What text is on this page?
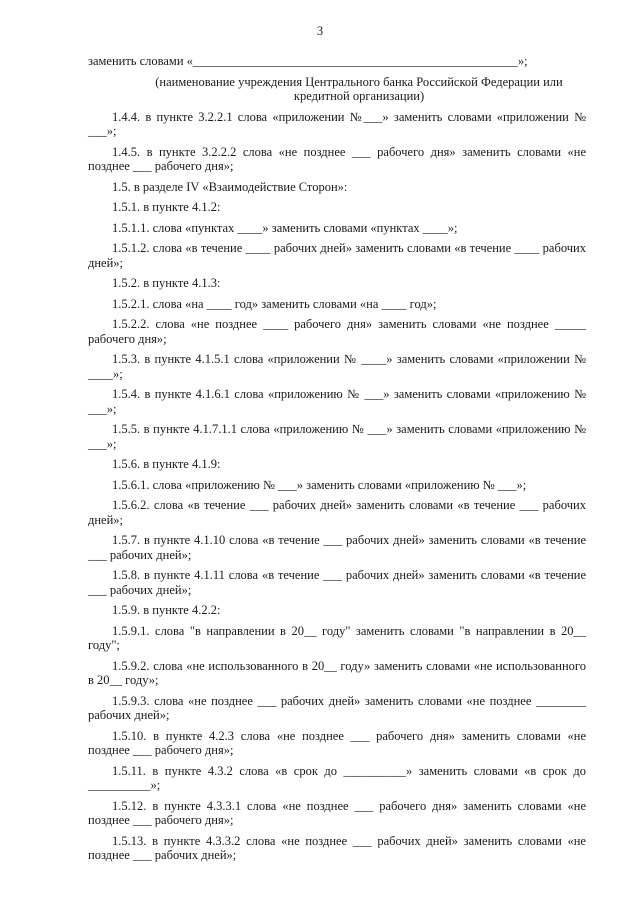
3

заменить словами «____________________________________________________»;

(наименование учреждения Центрального банка Российской Федерации или кредитной организации)

1.4.4. в пункте 3.2.2.1 слова «приложении №___» заменить словами «приложении № ___»;

1.4.5. в пункте 3.2.2.2 слова «не позднее ___ рабочего дня» заменить словами «не позднее ___ рабочего дня»;

1.5. в разделе IV «Взаимодействие Сторон»:

1.5.1. в пункте 4.1.2:

1.5.1.1. слова «пунктах ____» заменить словами «пунктах ____»;

1.5.1.2. слова «в течение ____ рабочих дней» заменить словами «в течение ____ рабочих дней»;

1.5.2. в пункте 4.1.3:

1.5.2.1. слова «на ____ год» заменить словами «на ____ год»;

1.5.2.2. слова «не позднее ____ рабочего дня» заменить словами «не позднее _____ рабочего дня»;

1.5.3. в пункте 4.1.5.1 слова «приложении № ____» заменить словами «приложении № ____»;

1.5.4. в пункте 4.1.6.1 слова «приложению № ___» заменить словами «приложению № ___»;

1.5.5. в пункте 4.1.7.1.1 слова «приложению № ___» заменить словами «приложению № ___»;

1.5.6. в пункте 4.1.9:

1.5.6.1. слова «приложению № ___» заменить словами «приложению № ___»;

1.5.6.2. слова «в течение ___ рабочих дней» заменить словами «в течение ___ рабочих дней»;

1.5.7. в пункте 4.1.10 слова «в течение ___ рабочих дней» заменить словами «в течение ___ рабочих дней»;

1.5.8. в пункте 4.1.11 слова «в течение ___ рабочих дней» заменить словами «в течение ___ рабочих дней»;

1.5.9. в пункте 4.2.2:

1.5.9.1. слова "в направлении в 20__ году" заменить словами "в направлении в 20__ году";

1.5.9.2. слова «не использованного в 20__ году» заменить словами «не использованного в 20__ году»;

1.5.9.3. слова «не позднее ___ рабочих дней» заменить словами «не позднее ________ рабочих дней»;

1.5.10. в пункте 4.2.3 слова «не позднее ___ рабочего дня» заменить словами «не позднее ___ рабочего дня»;

1.5.11. в пункте 4.3.2 слова «в срок до __________» заменить словами «в срок до __________»;

1.5.12. в пункте 4.3.3.1 слова «не позднее ___ рабочего дня» заменить словами «не позднее ___ рабочего дня»;

1.5.13. в пункте 4.3.3.2 слова «не позднее ___ рабочих дней» заменить словами «не позднее ___ рабочих дней»;
